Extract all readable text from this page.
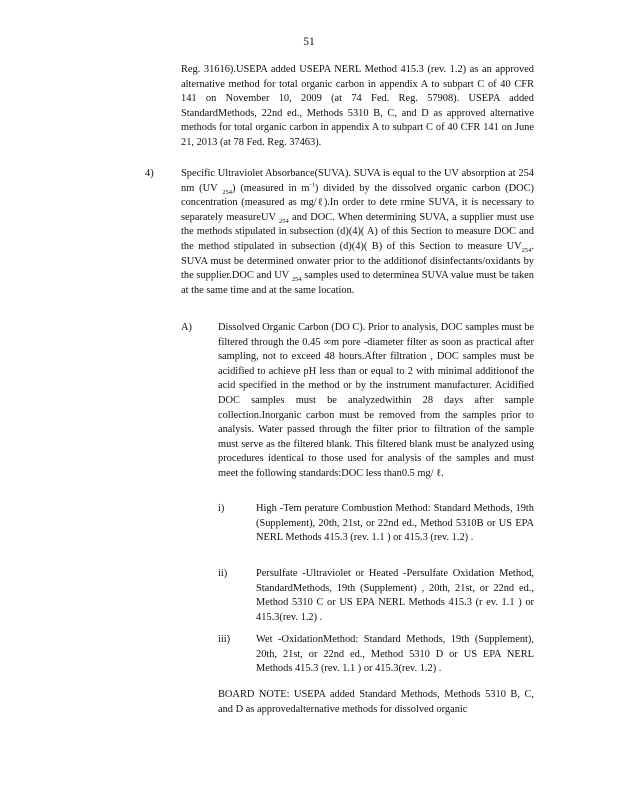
51

Reg. 31616).USEPA added USEPA NERL Method 415.3 (rev. 1.2) as an approved alternative method for total organic carbon in appendix A to subpart C of 40 CFR 141 on November 10, 2009 (at 74 Fed. Reg. 57908). USEPA added StandardMethods, 22nd ed., Methods 5310 B, C, and D as approved alternative methods for total organic carbon in appendix A to subpart C of 40 CFR 141 on June 21, 2013 (at 78 Fed. Reg. 37463).

4)	Specific Ultraviolet Absorbance(SUVA). SUVA is equal to the UV absorption at 254 nm (UV $_{254}$) (measured in $m^{-1}$) divided by the dissolved organic carbon (DOC) concentration (measured as mg/ℓ).In order to dete rmine SUVA, it is necessary to separately measureUV $_{254}$ and DOC. When determining SUVA, a supplier must use the methods stipulated in subsection (d)(4)( A) of this Section to measure DOC and the method stipulated in subsection (d)(4)( B) of this Section to measure $UV_{254}$. SUVA must be determined onwater prior to the additionof disinfectants/oxidants by the supplier.DOC and UV $_{254}$ samples used to determinea SUVA value must be taken at the same time and at the same location.

A)	Dissolved Organic Carbon (DO C). Prior to analysis, DOC samples must be filtered through the 0.45 ∞m pore -diameter filter as soon as practical after sampling, not to exceed 48 hours.After filtration , DOC samples must be acidified to achieve pH less than or equal to 2 with minimal additionof the acid specified in the method or by the instrument manufacturer. Acidified DOC samples must be analyzedwithin 28 days after sample collection.Inorganic carbon must be removed from the samples prior to analysis. Water passed through the filter prior to filtration of the sample must serve as the filtered blank. This filtered blank must be analyzed using procedures identical to those used for analysis of the samples and must meet the following standards:DOC less than0.5 mg/ ℓ.

i)	High -Tem perature Combustion Method: Standard Methods, 19th (Supplement), 20th, 21st, or 22nd ed., Method 5310B or US EPA NERL Methods 415.3 (rev. 1.1 ) or 415.3 (rev. 1.2) .

ii)	Persulfate -Ultraviolet or Heated -Persulfate Oxidation Method, StandardMethods, 19th (Supplement) , 20th, 21st, or 22nd ed., Method 5310 C or US EPA NERL Methods 415.3 (r ev. 1.1 ) or 415.3(rev. 1.2) .

iii) Wet -OxidationMethod: Standard Methods, 19th (Supplement), 20th, 21st, or 22nd ed., Method 5310 D or US EPA NERL Methods 415.3 (rev. 1.1 ) or 415.3(rev. 1.2) .

BOARD NOTE: USEPA added Standard Methods, Methods 5310 B, C, and D as approvedalternative methods for dissolved organic
